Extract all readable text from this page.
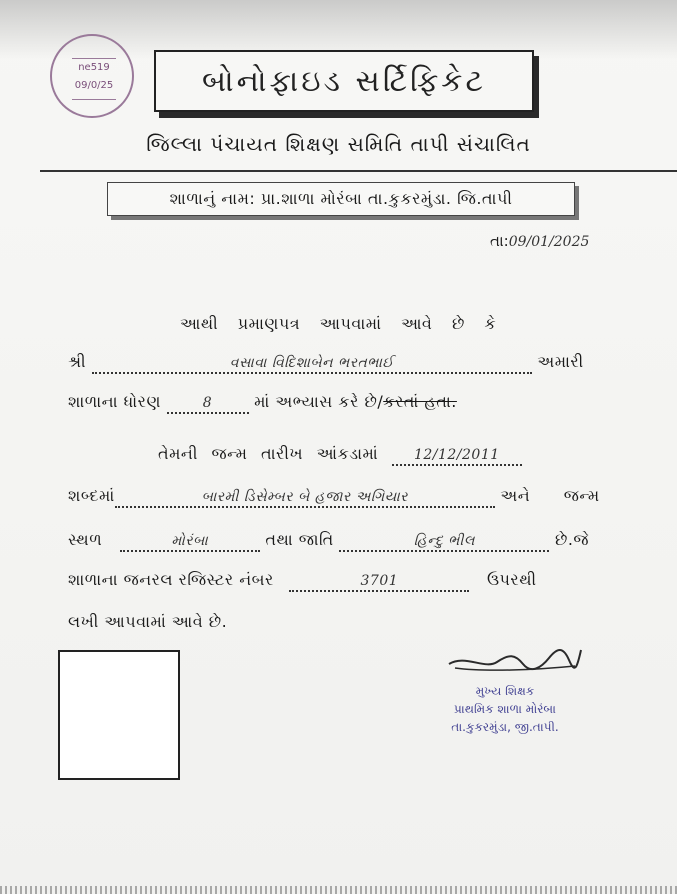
ne519
09/0/25	બોનોફાઇડ સર્ટિફિકેટ
જિલ્લા પંચાયત શિક્ષણ સમિતિ તાપી સંચાલિત
શાળાનું નામ: પ્રા.શાળા મોરંબા તા.કુકરમુંડા. જિ.તાપી
તા:09/01/2025
આથી પ્રમાણપત્ર આપવામાં આવે છે કે
શ્રી	વસાવા વિદિશાબેન ભરતભાઈ	અમારી
શાળાના ધોરણ	8	માં અભ્યાસ કરે છે/કરતાં હતા.
તેમની જન્મ તારીખ આંકડામાં	12/12/2011
શબ્દમાં	બારમી ડિસેમ્બર બે હજાર અગિયાર	અને જન્મ
સ્થળ	મોરંબા	તથા જાતિ	હિન્દુ ભીલ	છે.જે
શાળાના જનરલ રજિસ્ટર નંબર	3701	ઉપરથી
લખી આપવામાં આવે છે.
મુખ્ય શિક્ષક
પ્રાથમિક શાળા મોરંબા
તા.કુકરમુંડા, જી.તાપી.
